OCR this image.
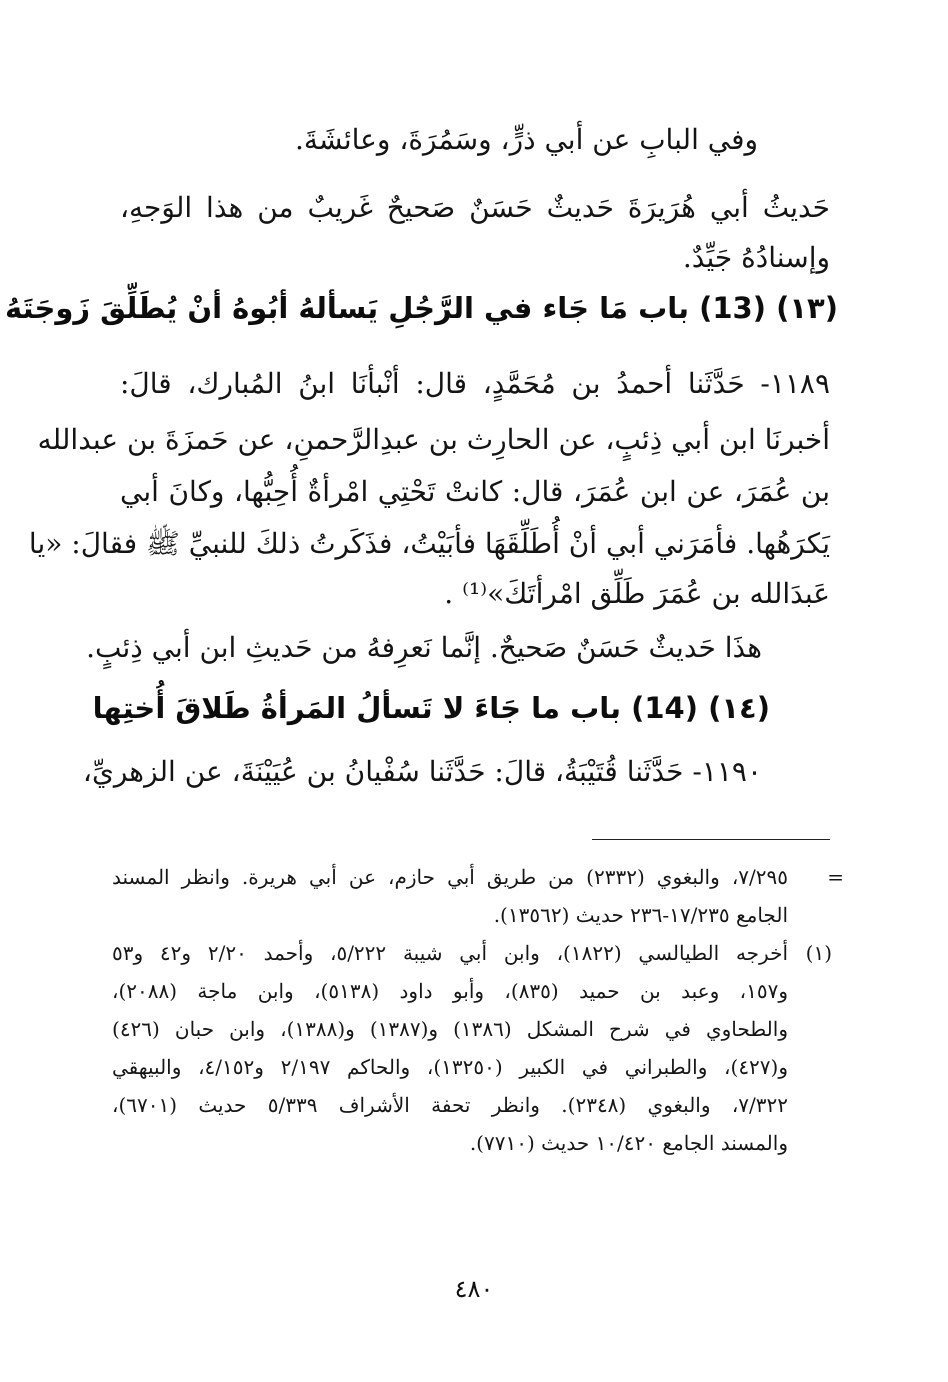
وفي البابِ عن أبي ذرٍّ، وسَمُرَةَ، وعائشَةَ.
حَديثُ أبي هُرَيرَةَ حَديثٌ حَسَنٌ صَحيحٌ غَريبٌ من هذا الوَجهِ،
وإسنادُهُ جَيِّدٌ.
(١٣) (13) باب مَا جَاء في الرَّجُلِ يَسألهُ أبُوهُ أنْ يُطَلِّقَ زَوجَتَهُ
١١٨٩- حَدَّثَنا أحمدُ بن مُحَمَّدٍ، قال: أنْبأنَا ابنُ المُبارك، قالَ:
أخبرنَا ابن أبي ذِئبٍ، عن الحارِث بن عبدِالرَّحمنِ، عن حَمزَةَ بن عبدالله
بن عُمَرَ، عن ابن عُمَرَ، قال: كانتْ تَحْتِي امْرأةٌ أُحِبُّها، وكانَ أبي
يَكرَهُها. فأمَرَني أبي أنْ أُطَلِّقَهَا فأبَيْتُ، فذَكَرتُ ذلكَ للنبيِّ ﷺ فقالَ: «يا
عَبدَالله بن عُمَرَ طَلِّق امْرأتَكَ»⁽¹⁾ .
هذَا حَديثٌ حَسَنٌ صَحيحٌ. إنَّما نَعرِفهُ من حَديثِ ابن أبي ذِئبٍ.
(١٤) (14) باب ما جَاءَ لا تَسألُ المَرأةُ طَلاقَ أُختِها
١١٩٠- حَدَّثَنا قُتَيْبَةُ، قالَ: حَدَّثَنا سُفْيانُ بن عُيَيْنَةَ، عن الزهريِّ،
=
٧/٢٩٥، والبغوي (٢٣٣٢) من طريق أبي حازم، عن أبي هريرة. وانظر المسند
الجامع ١٧/٢٣٥-٢٣٦ حديث (١٣٥٦٢).
(١)
أخرجه الطيالسي (١٨٢٢)، وابن أبي شيبة ٥/٢٢٢، وأحمد ٢/٢٠ و٤٢ و٥٣
و١٥٧، وعبد بن حميد (٨٣٥)، وأبو داود (٥١٣٨)، وابن ماجة (٢٠٨٨)،
والطحاوي في شرح المشكل (١٣٨٦) و(١٣٨٧) و(١٣٨٨)، وابن حبان (٤٢٦)
و(٤٢٧)، والطبراني في الكبير (١٣٢٥٠)، والحاكم ٢/١٩٧ و٤/١٥٢، والبيهقي
٧/٣٢٢، والبغوي (٢٣٤٨). وانظر تحفة الأشراف ٥/٣٣٩ حديث (٦٧٠١)،
والمسند الجامع ١٠/٤٢٠ حديث (٧٧١٠).
٤٨٠
